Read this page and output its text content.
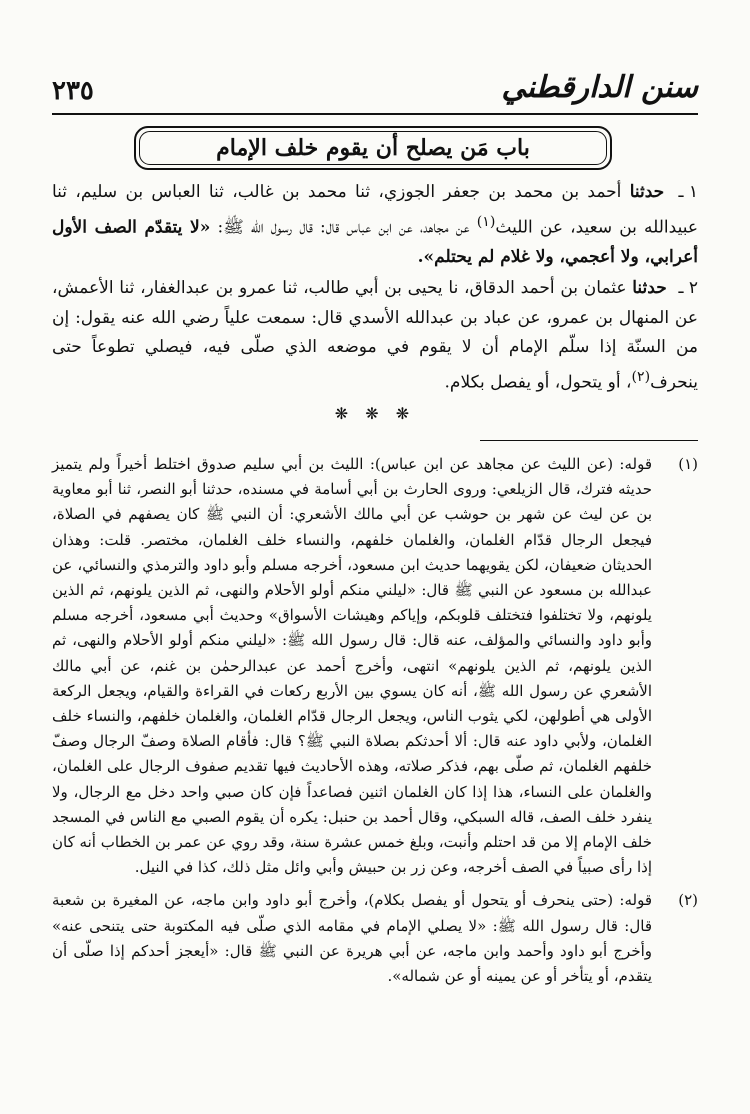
٢٣٥	سنن الدارقطني
باب مَن يصلح أن يقوم خلف الإمام

١ ـ حدثنا أحمد بن محمد بن جعفر الجوزي، ثنا محمد بن غالب، ثنا العباس بن سليم، ثنا عبيدالله بن سعيد، عن الليث$^{(١)}$ عن مجاهد، عن ابن عباس قال: قال رسول الله ﷺ: «لا يتقدّم الصف الأول أعرابي، ولا أعجمي، ولا غلام لم يحتلم».

٢ ـ حدثنا عثمان بن أحمد الدقاق، نا يحيى بن أبي طالب، ثنا عمرو بن عبدالغفار، ثنا الأعمش، عن المنهال بن عمرو، عن عباد بن عبدالله الأسدي قال: سمعت علياً رضي الله عنه يقول: إن من السنّة إذا سلّم الإمام أن لا يقوم في موضعه الذي صلّى فيه، فيصلي تطوعاً حتى ينحرف$^{(٢)}$، أو يتحول، أو يفصل بكلام.

❋ ❋ ❋

(١)
قوله: (عن الليث عن مجاهد عن ابن عباس): الليث بن أبي سليم صدوق اختلط أخيراً ولم يتميز حديثه فترك، قال الزيلعي: وروى الحارث بن أبي أسامة في مسنده، حدثنا أبو النصر، ثنا أبو معاوية بن عن ليث عن شهر بن حوشب عن أبي مالك الأشعري: أن النبي ﷺ كان يصفهم في الصلاة، فيجعل الرجال قدّام الغلمان، والغلمان خلفهم، والنساء خلف الغلمان، مختصر. قلت: وهذان الحديثان ضعيفان، لكن يقويهما حديث ابن مسعود، أخرجه مسلم وأبو داود والترمذي والنسائي، عن عبدالله بن مسعود عن النبي ﷺ قال: «ليلني منكم أولو الأحلام والنهى، ثم الذين يلونهم، ثم الذين يلونهم، ولا تختلفوا فتختلف قلوبكم، وإياكم وهيشات الأسواق» وحديث أبي مسعود، أخرجه مسلم وأبو داود والنسائي والمؤلف، عنه قال: قال رسول الله ﷺ: «ليلني منكم أولو الأحلام والنهى، ثم الذين يلونهم، ثم الذين يلونهم» انتهى، وأخرج أحمد عن عبدالرحمٰن بن غنم، عن أبي مالك الأشعري عن رسول الله ﷺ، أنه كان يسوي بين الأربع ركعات في القراءة والقيام، ويجعل الركعة الأولى هي أطولهن، لكي يثوب الناس، ويجعل الرجال قدّام الغلمان، والغلمان خلفهم، والنساء خلف الغلمان، ولأبي داود عنه قال: ألا أحدثكم بصلاة النبي ﷺ؟ قال: فأقام الصلاة وصفّ الرجال وصفّ خلفهم الغلمان، ثم صلّى بهم، فذكر صلاته، وهذه الأحاديث فيها تقديم صفوف الرجال على الغلمان، والغلمان على النساء، هذا إذا كان الغلمان اثنين فصاعداً فإن كان صبي واحد دخل مع الرجال، ولا ينفرد خلف الصف، قاله السبكي، وقال أحمد بن حنبل: يكره أن يقوم الصبي مع الناس في المسجد خلف الإمام إلا من قد احتلم وأنبت، وبلغ خمس عشرة سنة، وقد روي عن عمر بن الخطاب أنه كان إذا رأى صبياً في الصف أخرجه، وعن زر بن حبيش وأبي وائل مثل ذلك، كذا في النيل.

(٢)
قوله: (حتى ينحرف أو يتحول أو يفصل بكلام)، وأخرج أبو داود وابن ماجه، عن المغيرة بن شعبة قال: قال رسول الله ﷺ: «لا يصلي الإمام في مقامه الذي صلّى فيه المكتوبة حتى يتنحى عنه» وأخرج أبو داود وأحمد وابن ماجه، عن أبي هريرة عن النبي ﷺ قال: «أيعجز أحدكم إذا صلّى أن يتقدم، أو يتأخر أو عن يمينه أو عن شماله».
